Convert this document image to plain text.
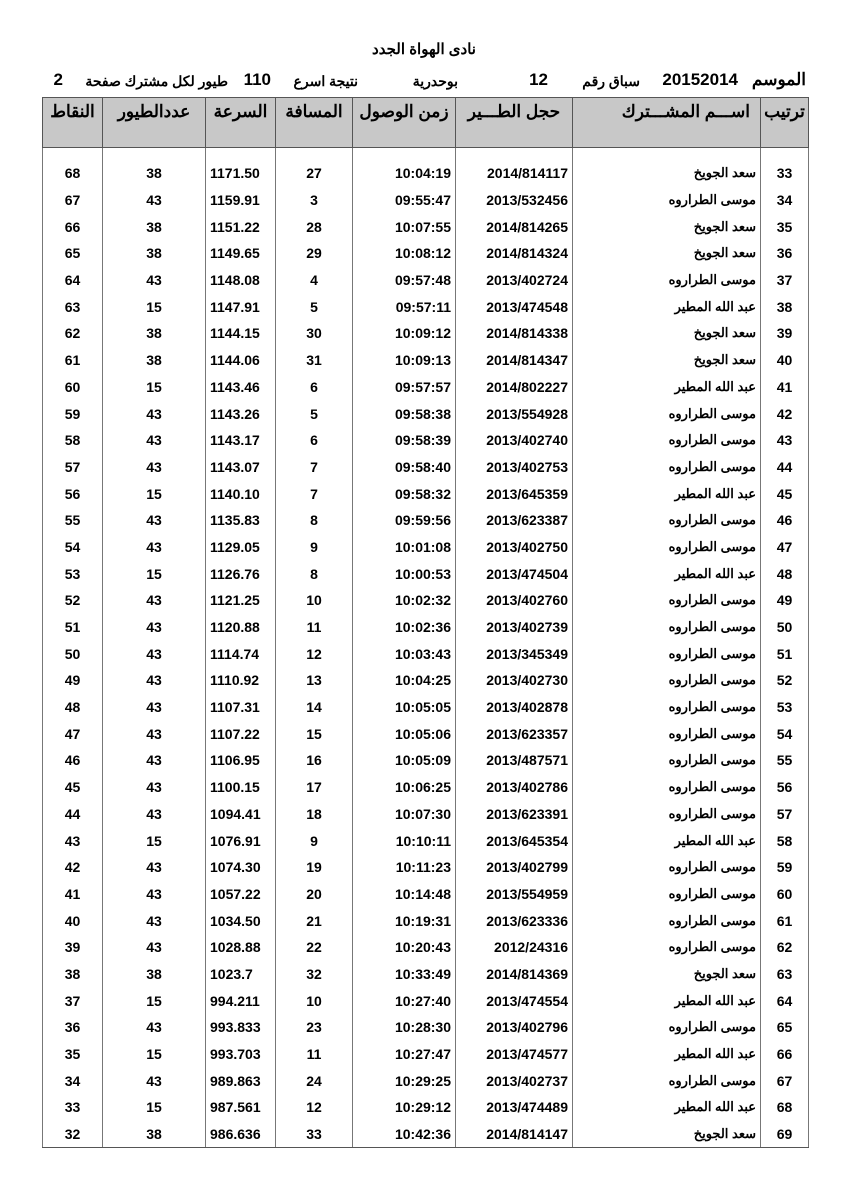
نادى الهواة الجدد
الموسم
20152014
سباق رقم
12
بوحدرية
نتيجة اسرع
110
طيور لكل مشترك صفحة
2
النقاط	عددالطيور	السرعة	المسافة	زمن الوصول	حجل الطـــير	اســـم المشـــترك	ترتيب

68	38	1171.50	27	10:04:19	2014/814117	سعد الجويخ	33
67	43	1159.91	3	09:55:47	2013/532456	موسى الطراروه	34
66	38	1151.22	28	10:07:55	2014/814265	سعد الجويخ	35
65	38	1149.65	29	10:08:12	2014/814324	سعد الجويخ	36
64	43	1148.08	4	09:57:48	2013/402724	موسى الطراروه	37
63	15	1147.91	5	09:57:11	2013/474548	عبد الله المطير	38
62	38	1144.15	30	10:09:12	2014/814338	سعد الجويخ	39
61	38	1144.06	31	10:09:13	2014/814347	سعد الجويخ	40
60	15	1143.46	6	09:57:57	2014/802227	عبد الله المطير	41
59	43	1143.26	5	09:58:38	2013/554928	موسى الطراروه	42
58	43	1143.17	6	09:58:39	2013/402740	موسى الطراروه	43
57	43	1143.07	7	09:58:40	2013/402753	موسى الطراروه	44
56	15	1140.10	7	09:58:32	2013/645359	عبد الله المطير	45
55	43	1135.83	8	09:59:56	2013/623387	موسى الطراروه	46
54	43	1129.05	9	10:01:08	2013/402750	موسى الطراروه	47
53	15	1126.76	8	10:00:53	2013/474504	عبد الله المطير	48
52	43	1121.25	10	10:02:32	2013/402760	موسى الطراروه	49
51	43	1120.88	11	10:02:36	2013/402739	موسى الطراروه	50
50	43	1114.74	12	10:03:43	2013/345349	موسى الطراروه	51
49	43	1110.92	13	10:04:25	2013/402730	موسى الطراروه	52
48	43	1107.31	14	10:05:05	2013/402878	موسى الطراروه	53
47	43	1107.22	15	10:05:06	2013/623357	موسى الطراروه	54
46	43	1106.95	16	10:05:09	2013/487571	موسى الطراروه	55
45	43	1100.15	17	10:06:25	2013/402786	موسى الطراروه	56
44	43	1094.41	18	10:07:30	2013/623391	موسى الطراروه	57
43	15	1076.91	9	10:10:11	2013/645354	عبد الله المطير	58
42	43	1074.30	19	10:11:23	2013/402799	موسى الطراروه	59
41	43	1057.22	20	10:14:48	2013/554959	موسى الطراروه	60
40	43	1034.50	21	10:19:31	2013/623336	موسى الطراروه	61
39	43	1028.88	22	10:20:43	2012/24316	موسى الطراروه	62
38	38	1023.7	32	10:33:49	2014/814369	سعد الجويخ	63
37	15	994.211	10	10:27:40	2013/474554	عبد الله المطير	64
36	43	993.833	23	10:28:30	2013/402796	موسى الطراروه	65
35	15	993.703	11	10:27:47	2013/474577	عبد الله المطير	66
34	43	989.863	24	10:29:25	2013/402737	موسى الطراروه	67
33	15	987.561	12	10:29:12	2013/474489	عبد الله المطير	68
32	38	986.636	33	10:42:36	2014/814147	سعد الجويخ	69
